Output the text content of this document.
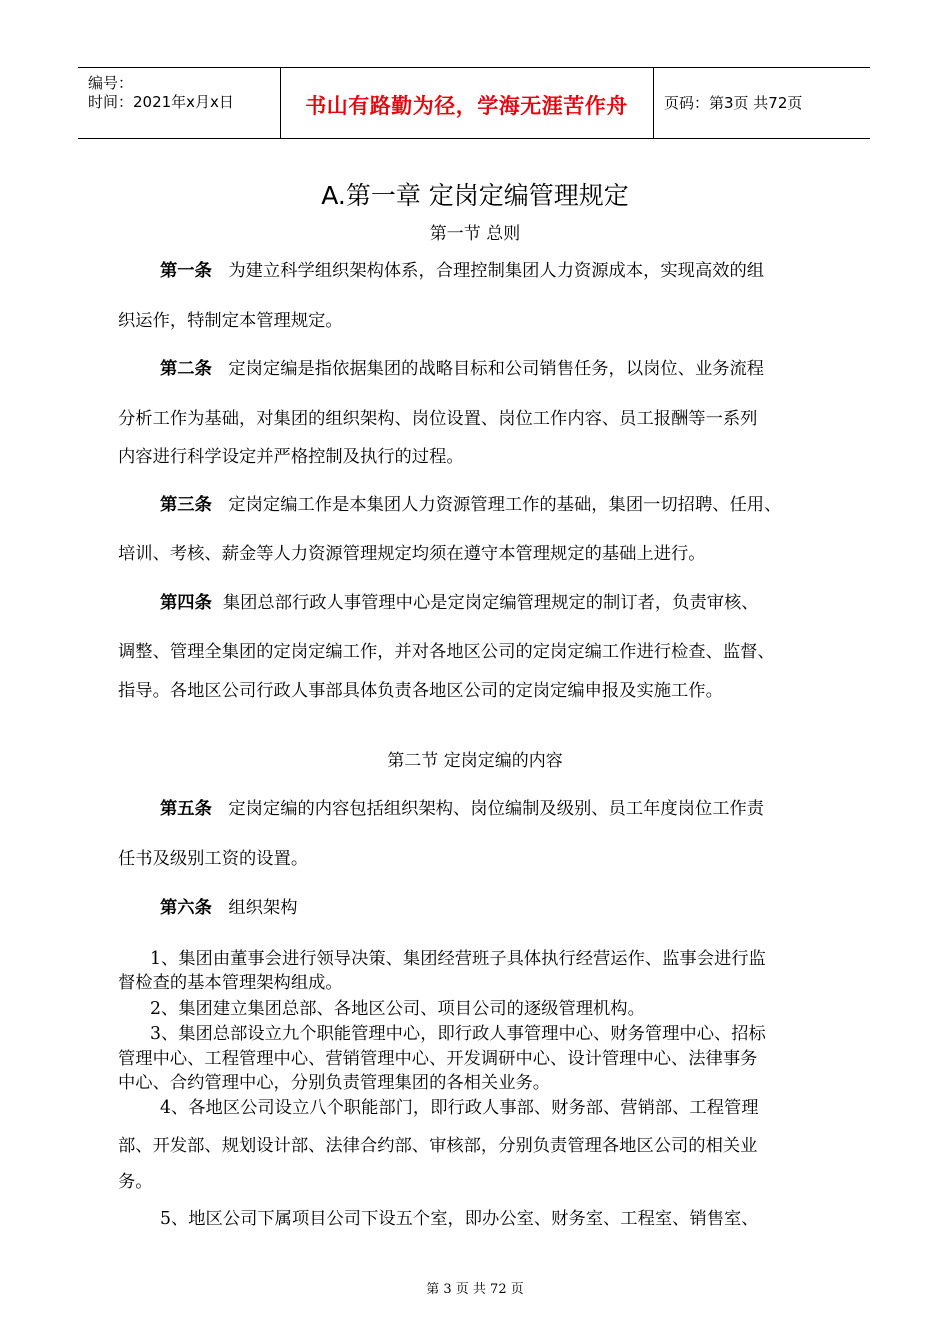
编号：
时间：2021年x月x日	书山有路勤为径，学海无涯苦作舟	页码：第3页 共72页
A.第一章 定岗定编管理规定
第一节 总则
第一条 为建立科学组织架构体系，合理控制集团人力资源成本，实现高效的组
织运作，特制定本管理规定。
第二条 定岗定编是指依据集团的战略目标和公司销售任务，以岗位、业务流程
分析工作为基础，对集团的组织架构、岗位设置、岗位工作内容、员工报酬等一系列
内容进行科学设定并严格控制及执行的过程。
第三条 定岗定编工作是本集团人力资源管理工作的基础，集团一切招聘、任用、
培训、考核、薪金等人力资源管理规定均须在遵守本管理规定的基础上进行。
第四条 集团总部行政人事管理中心是定岗定编管理规定的制订者，负责审核、
调整、管理全集团的定岗定编工作，并对各地区公司的定岗定编工作进行检查、监督、
指导。各地区公司行政人事部具体负责各地区公司的定岗定编申报及实施工作。
第二节 定岗定编的内容
第五条 定岗定编的内容包括组织架构、岗位编制及级别、员工年度岗位工作责
任书及级别工资的设置。
第六条 组织架构
1、集团由董事会进行领导决策、集团经营班子具体执行经营运作、监事会进行监
督检查的基本管理架构组成。
2、集团建立集团总部、各地区公司、项目公司的逐级管理机构。
3、集团总部设立九个职能管理中心，即行政人事管理中心、财务管理中心、招标
管理中心、工程管理中心、营销管理中心、开发调研中心、设计管理中心、法律事务
中心、合约管理中心，分别负责管理集团的各相关业务。
4、各地区公司设立八个职能部门，即行政人事部、财务部、营销部、工程管理
部、开发部、规划设计部、法律合约部、审核部，分别负责管理各地区公司的相关业
务。
5、地区公司下属项目公司下设五个室，即办公室、财务室、工程室、销售室、
第 3 页 共 72 页
